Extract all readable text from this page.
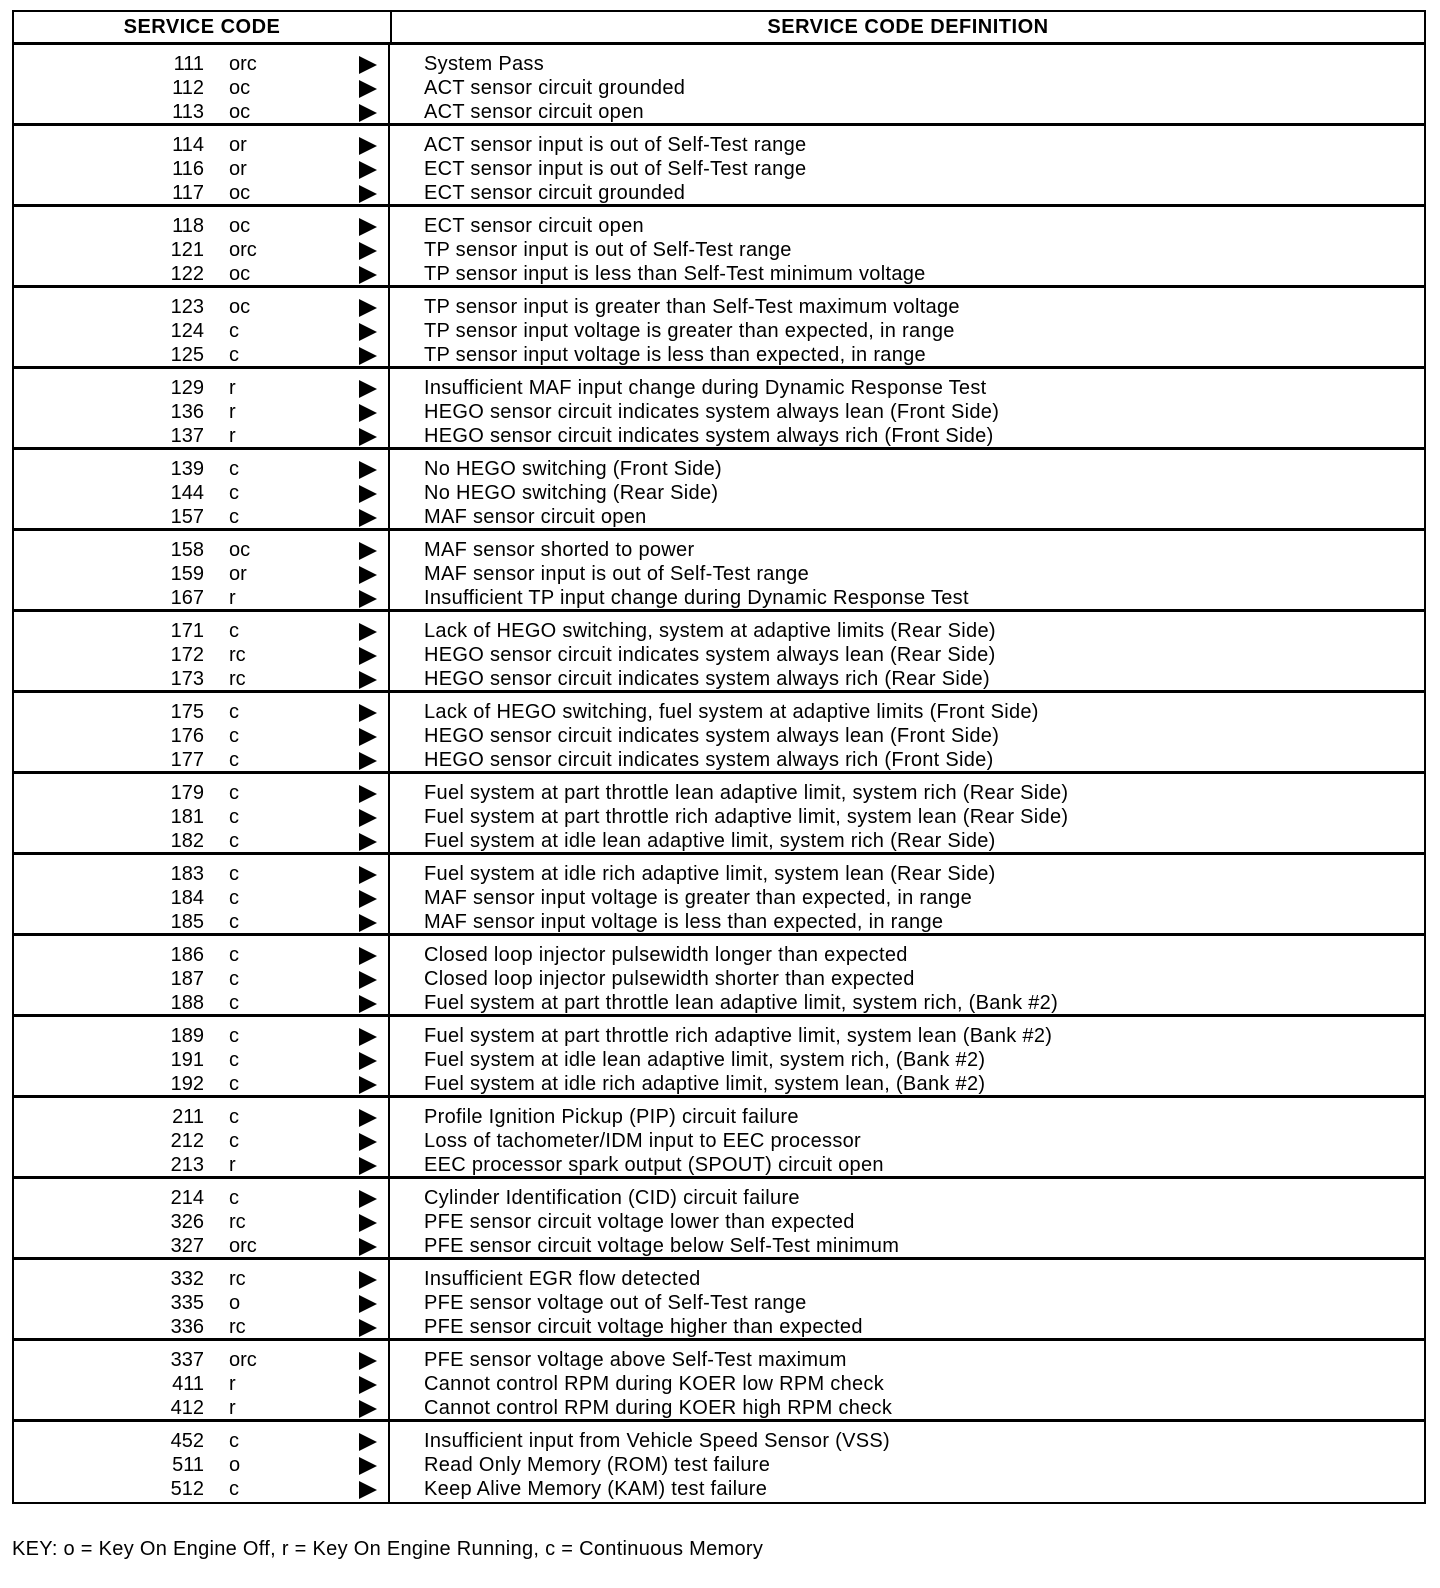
SERVICE CODE	SERVICE CODE DEFINITION
111 orc
112 oc
113 oc
System Pass
ACT sensor circuit grounded
ACT sensor circuit open
114 or
116 or
117 oc
ACT sensor input is out of Self-Test range
ECT sensor input is out of Self-Test range
ECT sensor circuit grounded
118 oc
121 orc
122 oc
ECT sensor circuit open
TP sensor input is out of Self-Test range
TP sensor input is less than Self-Test minimum voltage
123 oc
124 c
125 c
TP sensor input is greater than Self-Test maximum voltage
TP sensor input voltage is greater than expected, in range
TP sensor input voltage is less than expected, in range
129 r
136 r
137 r
Insufficient MAF input change during Dynamic Response Test
HEGO sensor circuit indicates system always lean (Front Side)
HEGO sensor circuit indicates system always rich (Front Side)
139 c
144 c
157 c
No HEGO switching (Front Side)
No HEGO switching (Rear Side)
MAF sensor circuit open
158 oc
159 or
167 r
MAF sensor shorted to power
MAF sensor input is out of Self-Test range
Insufficient TP input change during Dynamic Response Test
171 c
172 rc
173 rc
Lack of HEGO switching, system at adaptive limits (Rear Side)
HEGO sensor circuit indicates system always lean (Rear Side)
HEGO sensor circuit indicates system always rich (Rear Side)
175 c
176 c
177 c
Lack of HEGO switching, fuel system at adaptive limits (Front Side)
HEGO sensor circuit indicates system always lean (Front Side)
HEGO sensor circuit indicates system always rich (Front Side)
179 c
181 c
182 c
Fuel system at part throttle lean adaptive limit, system rich (Rear Side)
Fuel system at part throttle rich adaptive limit, system lean (Rear Side)
Fuel system at idle lean adaptive limit, system rich (Rear Side)
183 c
184 c
185 c
Fuel system at idle rich adaptive limit, system lean (Rear Side)
MAF sensor input voltage is greater than expected, in range
MAF sensor input voltage is less than expected, in range
186 c
187 c
188 c
Closed loop injector pulsewidth longer than expected
Closed loop injector pulsewidth shorter than expected
Fuel system at part throttle lean adaptive limit, system rich, (Bank #2)
189 c
191 c
192 c
Fuel system at part throttle rich adaptive limit, system lean (Bank #2)
Fuel system at idle lean adaptive limit, system rich, (Bank #2)
Fuel system at idle rich adaptive limit, system lean, (Bank #2)
211 c
212 c
213 r
Profile Ignition Pickup (PIP) circuit failure
Loss of tachometer/IDM input to EEC processor
EEC processor spark output (SPOUT) circuit open
214 c
326 rc
327 orc
Cylinder Identification (CID) circuit failure
PFE sensor circuit voltage lower than expected
PFE sensor circuit voltage below Self-Test minimum
332 rc
335 o
336 rc
Insufficient EGR flow detected
PFE sensor voltage out of Self-Test range
PFE sensor circuit voltage higher than expected
337 orc
411 r
412 r
PFE sensor voltage above Self-Test maximum
Cannot control RPM during KOER low RPM check
Cannot control RPM during KOER high RPM check
452 c
511 o
512 c
Insufficient input from Vehicle Speed Sensor (VSS)
Read Only Memory (ROM) test failure
Keep Alive Memory (KAM) test failure
KEY: o = Key On Engine Off, r = Key On Engine Running, c = Continuous Memory
